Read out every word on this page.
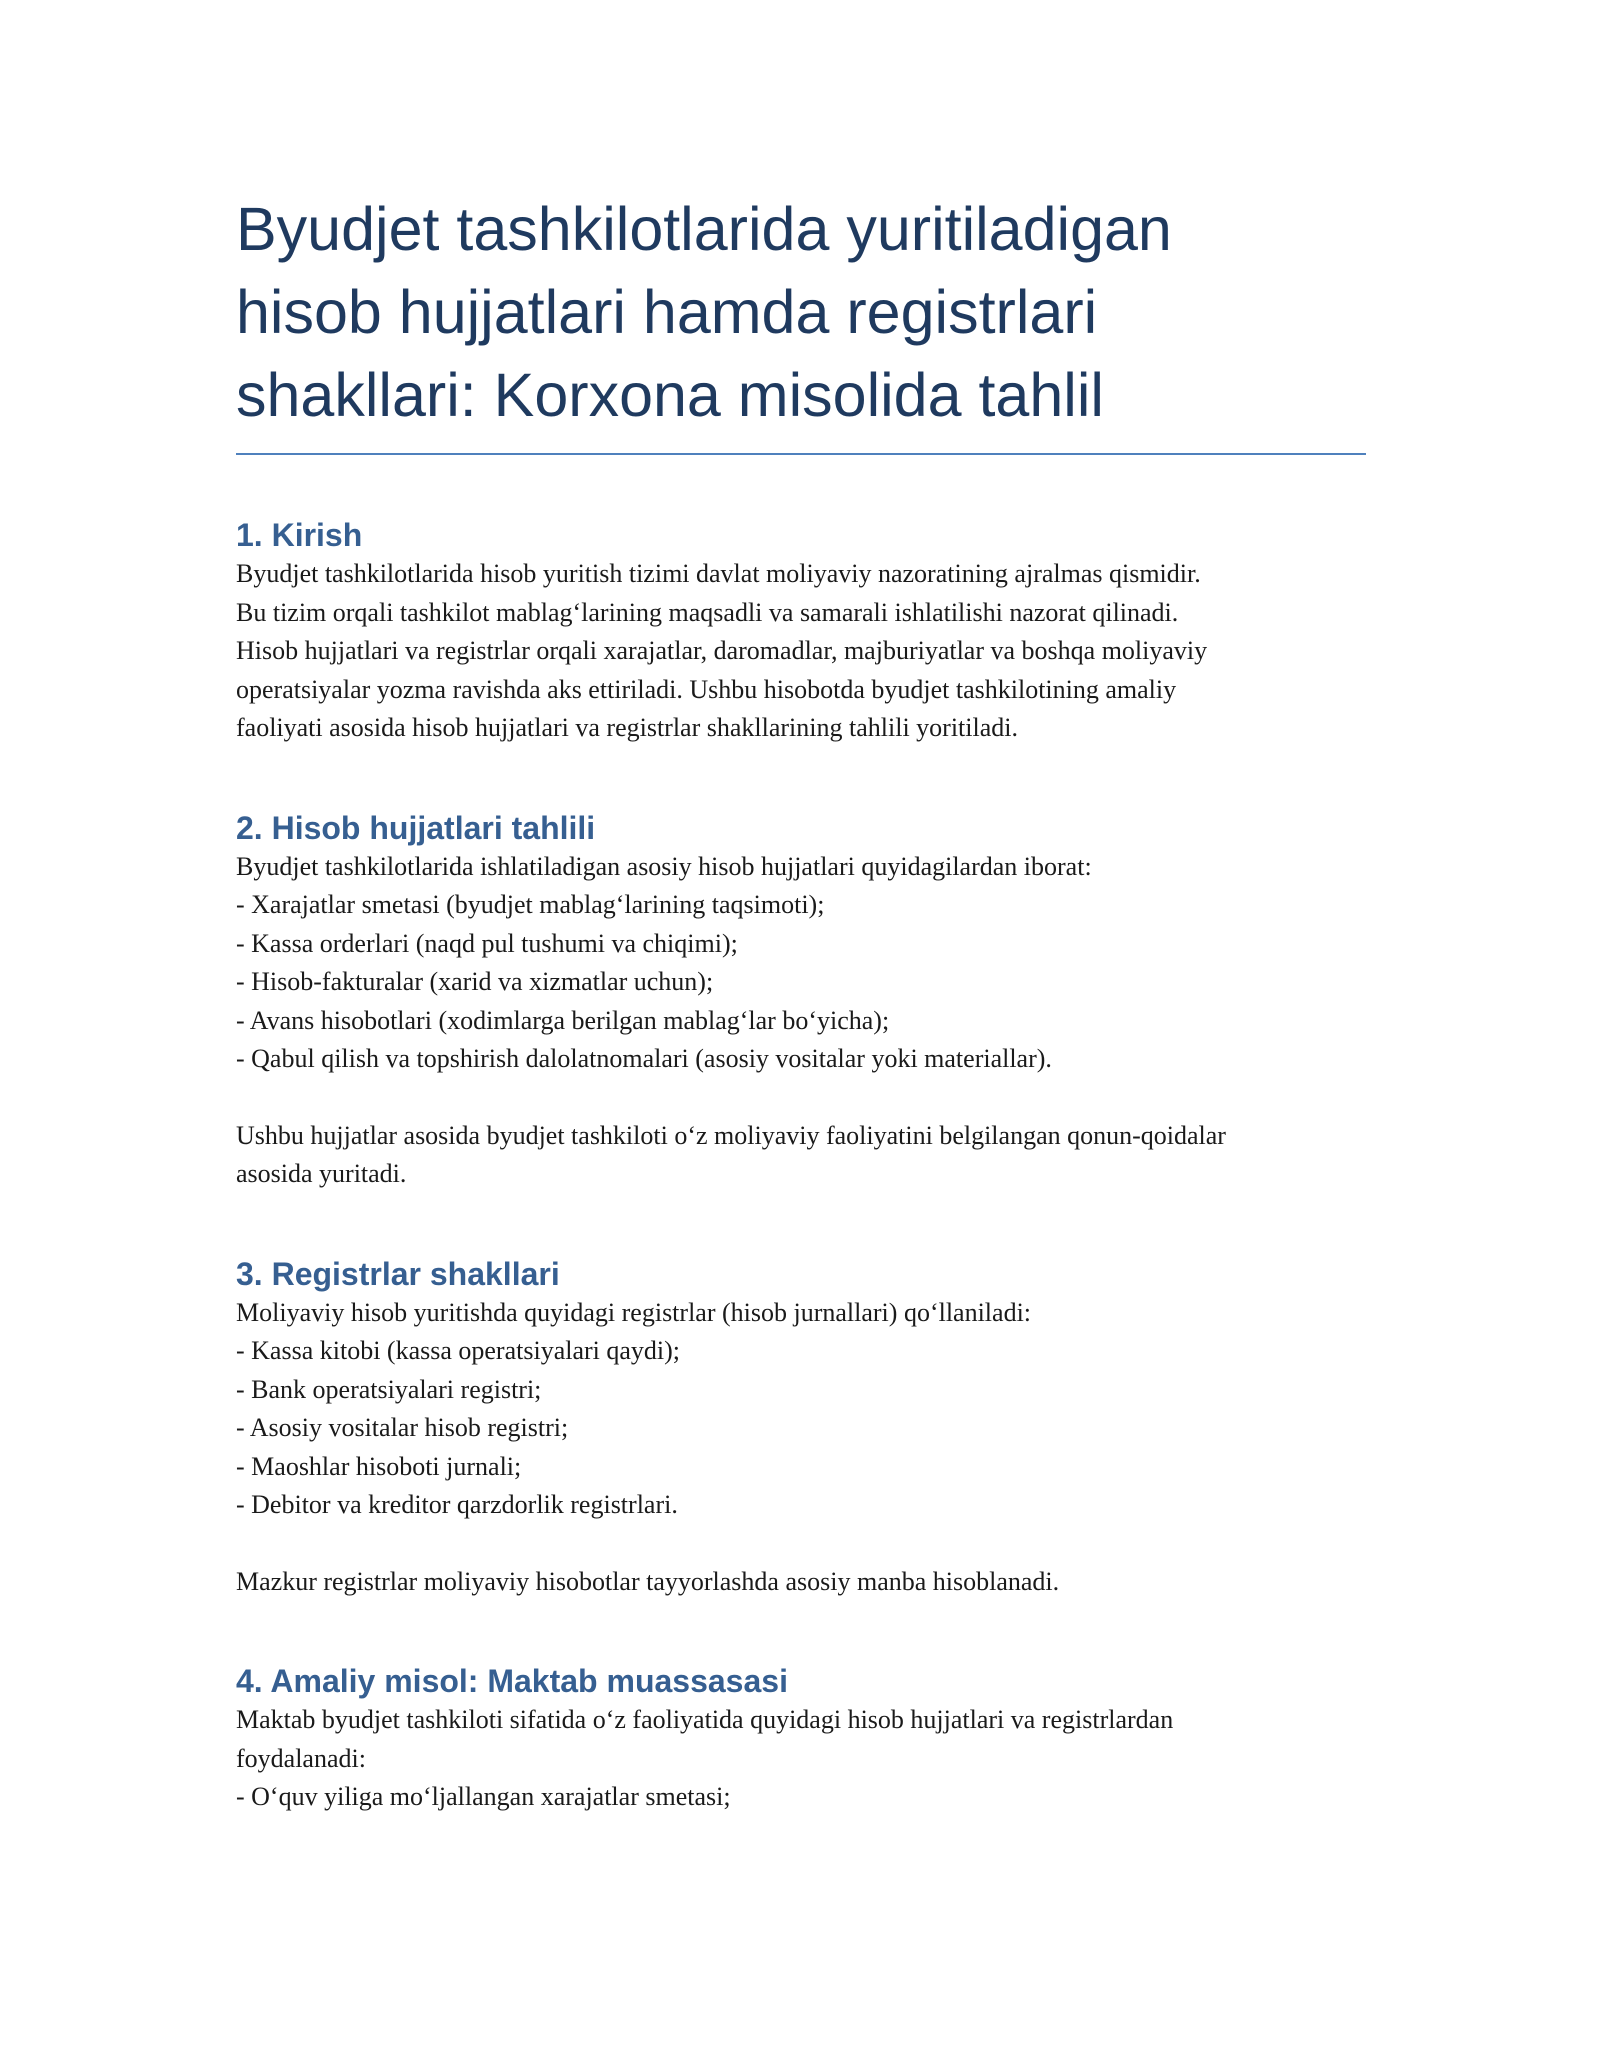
Byudjet tashkilotlarida yuritiladigan
hisob hujjatlari hamda registrlari
shakllari: Korxona misolida tahlil
1. Kirish

Byudjet tashkilotlarida hisob yuritish tizimi davlat moliyaviy nazoratining ajralmas qismidir.
Bu tizim orqali tashkilot mablag‘larining maqsadli va samarali ishlatilishi nazorat qilinadi.
Hisob hujjatlari va registrlar orqali xarajatlar, daromadlar, majburiyatlar va boshqa moliyaviy
operatsiyalar yozma ravishda aks ettiriladi. Ushbu hisobotda byudjet tashkilotining amaliy
faoliyati asosida hisob hujjatlari va registrlar shakllarining tahlili yoritiladi.

2. Hisob hujjatlari tahlili

Byudjet tashkilotlarida ishlatiladigan asosiy hisob hujjatlari quyidagilardan iborat:

- Xarajatlar smetasi (byudjet mablag‘larining taqsimoti);
- Kassa orderlari (naqd pul tushumi va chiqimi);
- Hisob-fakturalar (xarid va xizmatlar uchun);
- Avans hisobotlari (xodimlarga berilgan mablag‘lar bo‘yicha);
- Qabul qilish va topshirish dalolatnomalari (asosiy vositalar yoki materiallar).

Ushbu hujjatlar asosida byudjet tashkiloti o‘z moliyaviy faoliyatini belgilangan qonun-qoidalar
asosida yuritadi.

3. Registrlar shakllari

Moliyaviy hisob yuritishda quyidagi registrlar (hisob jurnallari) qo‘llaniladi:

- Kassa kitobi (kassa operatsiyalari qaydi);
- Bank operatsiyalari registri;
- Asosiy vositalar hisob registri;
- Maoshlar hisoboti jurnali;
- Debitor va kreditor qarzdorlik registrlari.

Mazkur registrlar moliyaviy hisobotlar tayyorlashda asosiy manba hisoblanadi.

4. Amaliy misol: Maktab muassasasi

Maktab byudjet tashkiloti sifatida o‘z faoliyatida quyidagi hisob hujjatlari va registrlardan
foydalanadi:

- O‘quv yiliga mo‘ljallangan xarajatlar smetasi;
